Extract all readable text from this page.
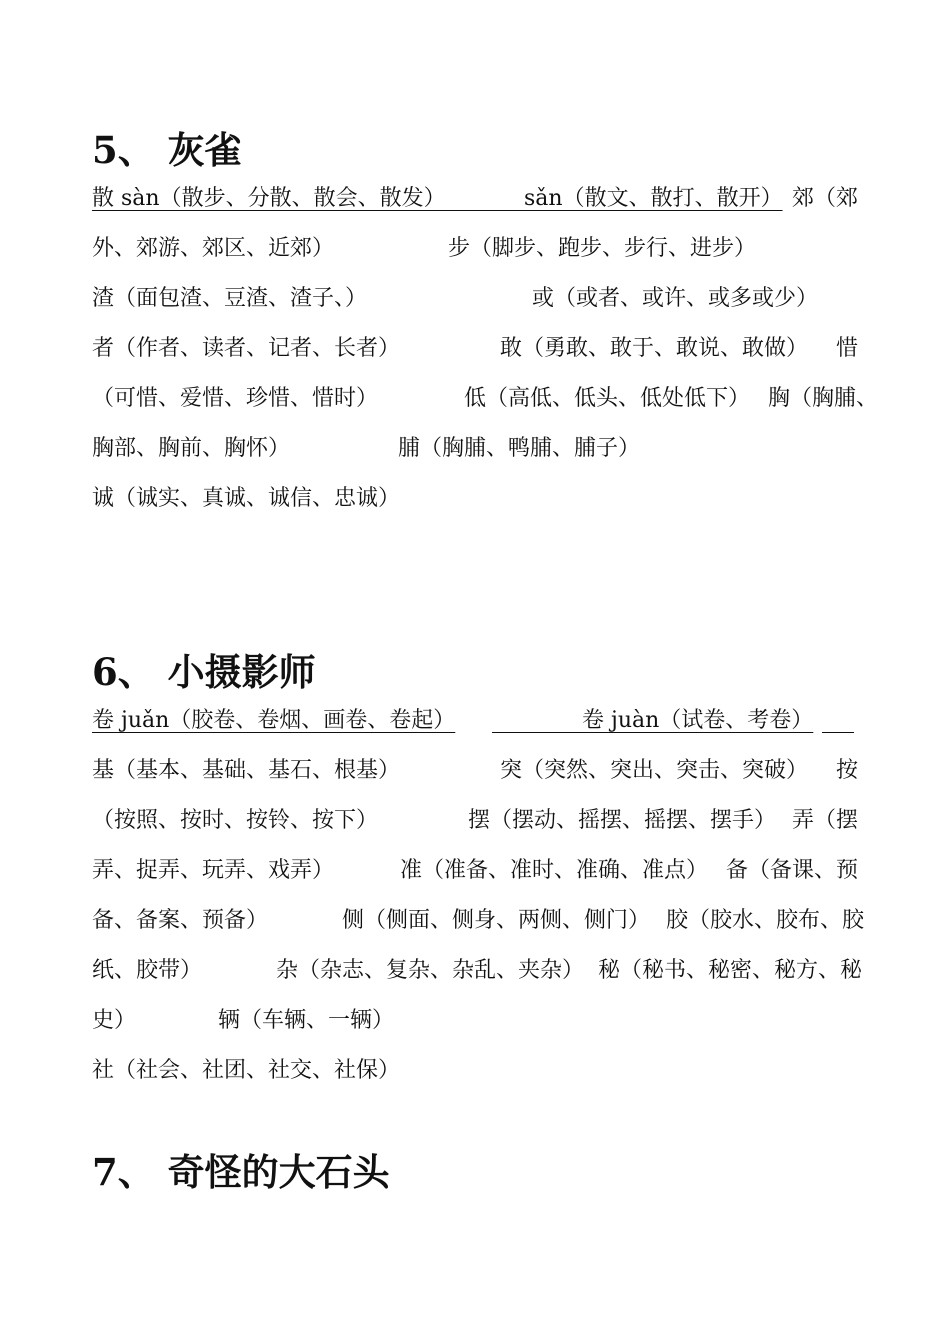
5、 灰雀
散 sàn（散步、分散、散会、散发）	sǎn（散文、散打、散开） 郊（郊
外、郊游、郊区、近郊）	步（脚步、跑步、步行、进步）
渣（面包渣、豆渣、渣子、）	或（或者、或许、或多或少）
者（作者、读者、记者、长者）	敢（勇敢、敢于、敢说、敢做） 惜
（可惜、爱惜、珍惜、惜时）	低（高低、低头、低处低下） 胸（胸脯、
胸部、胸前、胸怀）	脯（胸脯、鸭脯、脯子）
诚（诚实、真诚、诚信、忠诚）
6、 小摄影师
卷 juǎn（胶卷、卷烟、画卷、卷起）	卷 juàn（试卷、考卷）
基（基本、基础、基石、根基）	突（突然、突出、突击、突破） 按
（按照、按时、按铃、按下）	摆（摆动、摇摆、摇摆、摆手） 弄（摆
弄、捉弄、玩弄、戏弄）	准（准备、准时、准确、准点） 备（备课、预
备、备案、预备）	侧（侧面、侧身、两侧、侧门） 胶（胶水、胶布、胶
纸、胶带）	杂（杂志、复杂、杂乱、夹杂） 秘（秘书、秘密、秘方、秘
史）	辆（车辆、一辆）
社（社会、社团、社交、社保）
7、 奇怪的大石头
